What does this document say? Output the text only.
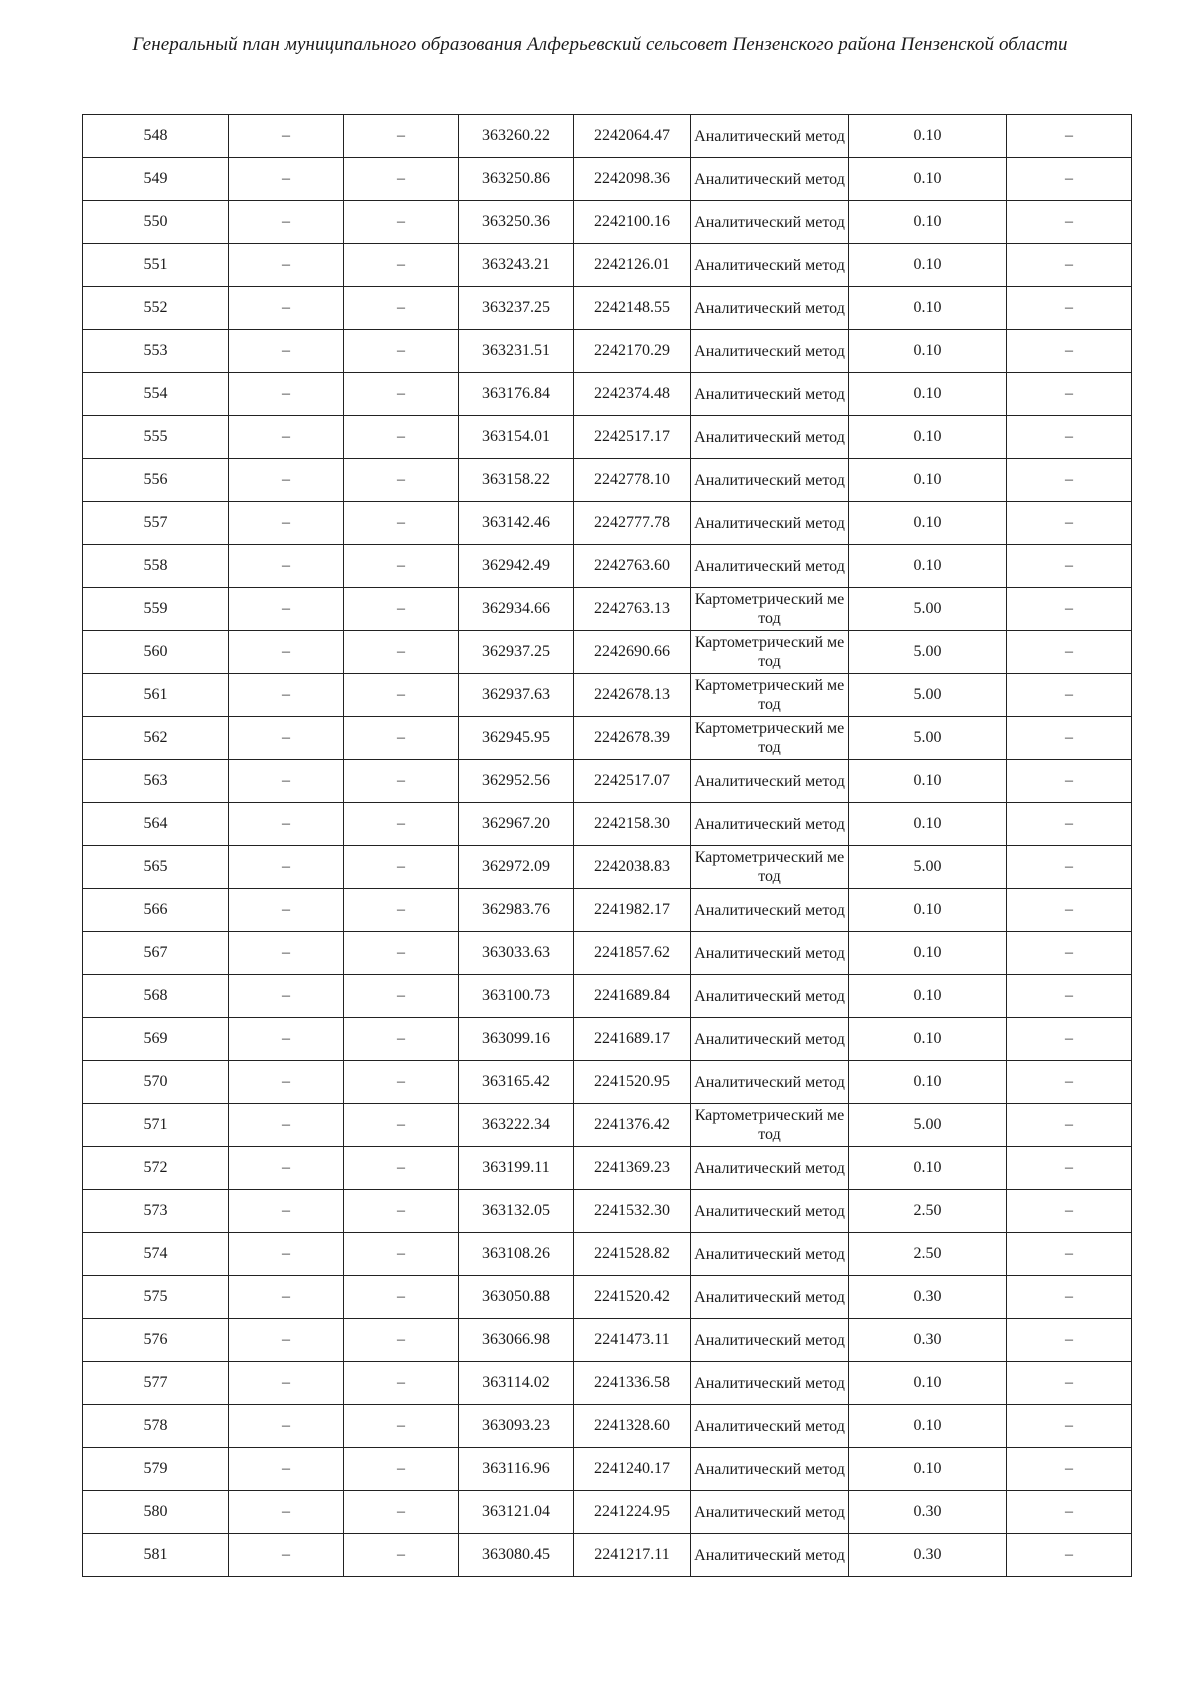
Генеральный план муниципального образования Алферьевский сельсовет Пензенского района Пензенской области
548	–	–	363260.22	2242064.47	Аналитический метод	0.10	–
549	–	–	363250.86	2242098.36	Аналитический метод	0.10	–
550	–	–	363250.36	2242100.16	Аналитический метод	0.10	–
551	–	–	363243.21	2242126.01	Аналитический метод	0.10	–
552	–	–	363237.25	2242148.55	Аналитический метод	0.10	–
553	–	–	363231.51	2242170.29	Аналитический метод	0.10	–
554	–	–	363176.84	2242374.48	Аналитический метод	0.10	–
555	–	–	363154.01	2242517.17	Аналитический метод	0.10	–
556	–	–	363158.22	2242778.10	Аналитический метод	0.10	–
557	–	–	363142.46	2242777.78	Аналитический метод	0.10	–
558	–	–	362942.49	2242763.60	Аналитический метод	0.10	–
559	–	–	362934.66	2242763.13	Картометрический метод	5.00	–
560	–	–	362937.25	2242690.66	Картометрический метод	5.00	–
561	–	–	362937.63	2242678.13	Картометрический метод	5.00	–
562	–	–	362945.95	2242678.39	Картометрический метод	5.00	–
563	–	–	362952.56	2242517.07	Аналитический метод	0.10	–
564	–	–	362967.20	2242158.30	Аналитический метод	0.10	–
565	–	–	362972.09	2242038.83	Картометрический метод	5.00	–
566	–	–	362983.76	2241982.17	Аналитический метод	0.10	–
567	–	–	363033.63	2241857.62	Аналитический метод	0.10	–
568	–	–	363100.73	2241689.84	Аналитический метод	0.10	–
569	–	–	363099.16	2241689.17	Аналитический метод	0.10	–
570	–	–	363165.42	2241520.95	Аналитический метод	0.10	–
571	–	–	363222.34	2241376.42	Картометрический метод	5.00	–
572	–	–	363199.11	2241369.23	Аналитический метод	0.10	–
573	–	–	363132.05	2241532.30	Аналитический метод	2.50	–
574	–	–	363108.26	2241528.82	Аналитический метод	2.50	–
575	–	–	363050.88	2241520.42	Аналитический метод	0.30	–
576	–	–	363066.98	2241473.11	Аналитический метод	0.30	–
577	–	–	363114.02	2241336.58	Аналитический метод	0.10	–
578	–	–	363093.23	2241328.60	Аналитический метод	0.10	–
579	–	–	363116.96	2241240.17	Аналитический метод	0.10	–
580	–	–	363121.04	2241224.95	Аналитический метод	0.30	–
581	–	–	363080.45	2241217.11	Аналитический метод	0.30	–
